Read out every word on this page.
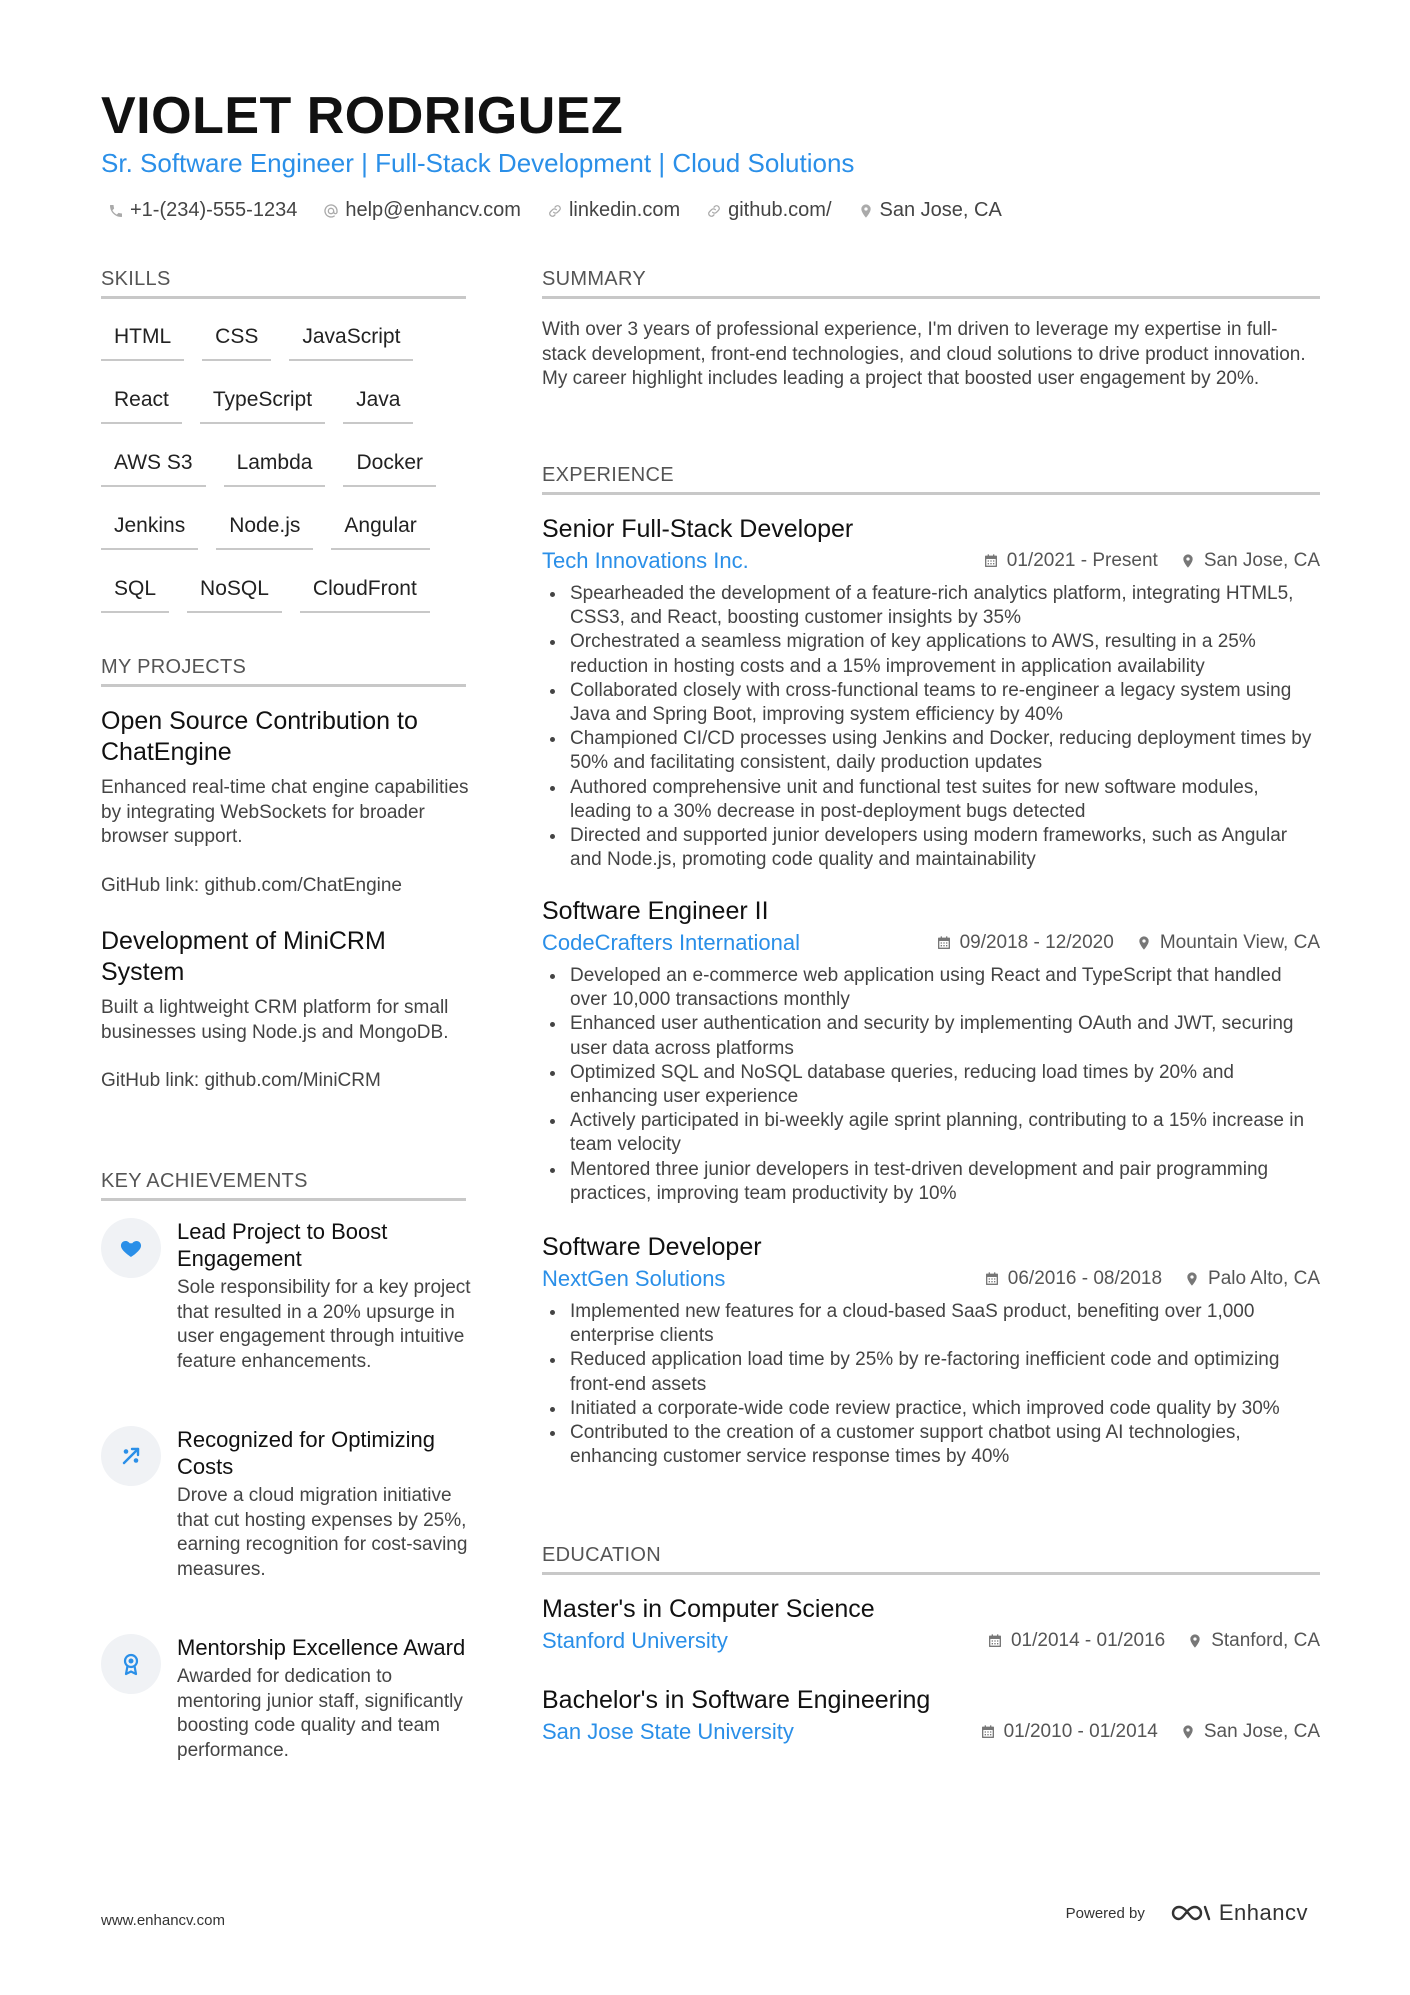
VIOLET RODRIGUEZ
Sr. Software Engineer | Full-Stack Development | Cloud Solutions
+1-(234)-555-1234 help@enhancv.com linkedin.com github.com/ San Jose, CA
SKILLS
HTML	CSS	JavaScript
React	TypeScript	Java
AWS S3	Lambda	Docker
Jenkins	Node.js	Angular
SQL	NoSQL	CloudFront
MY PROJECTS
Open Source Contribution to ChatEngine
Enhanced real-time chat engine capabilities by integrating WebSockets for broader browser support.
GitHub link: github.com/ChatEngine
Development of MiniCRM System
Built a lightweight CRM platform for small businesses using Node.js and MongoDB.
GitHub link: github.com/MiniCRM
KEY ACHIEVEMENTS
Lead Project to Boost Engagement
Sole responsibility for a key project that resulted in a 20% upsurge in user engagement through intuitive feature enhancements.
Recognized for Optimizing Costs
Drove a cloud migration initiative that cut hosting expenses by 25%, earning recognition for cost-saving measures.
Mentorship Excellence Award
Awarded for dedication to mentoring junior staff, significantly boosting code quality and team performance.
SUMMARY
With over 3 years of professional experience, I'm driven to leverage my expertise in full-stack development, front-end technologies, and cloud solutions to drive product innovation. My career highlight includes leading a project that boosted user engagement by 20%.
EXPERIENCE
Senior Full-Stack Developer
Tech Innovations Inc.	01/2021 - Present San Jose, CA
Spearheaded the development of a feature-rich analytics platform, integrating HTML5, CSS3, and React, boosting customer insights by 35%
Orchestrated a seamless migration of key applications to AWS, resulting in a 25% reduction in hosting costs and a 15% improvement in application availability
Collaborated closely with cross-functional teams to re-engineer a legacy system using Java and Spring Boot, improving system efficiency by 40%
Championed CI/CD processes using Jenkins and Docker, reducing deployment times by 50% and facilitating consistent, daily production updates
Authored comprehensive unit and functional test suites for new software modules, leading to a 30% decrease in post-deployment bugs detected
Directed and supported junior developers using modern frameworks, such as Angular and Node.js, promoting code quality and maintainability
Software Engineer II
CodeCrafters International	09/2018 - 12/2020 Mountain View, CA
Developed an e-commerce web application using React and TypeScript that handled over 10,000 transactions monthly
Enhanced user authentication and security by implementing OAuth and JWT, securing user data across platforms
Optimized SQL and NoSQL database queries, reducing load times by 20% and enhancing user experience
Actively participated in bi-weekly agile sprint planning, contributing to a 15% increase in team velocity
Mentored three junior developers in test-driven development and pair programming practices, improving team productivity by 10%
Software Developer
NextGen Solutions	06/2016 - 08/2018 Palo Alto, CA
Implemented new features for a cloud-based SaaS product, benefiting over 1,000 enterprise clients
Reduced application load time by 25% by re-factoring inefficient code and optimizing front-end assets
Initiated a corporate-wide code review practice, which improved code quality by 30%
Contributed to the creation of a customer support chatbot using AI technologies, enhancing customer service response times by 40%
EDUCATION
Master's in Computer Science
Stanford University	01/2014 - 01/2016 Stanford, CA
Bachelor's in Software Engineering
San Jose State University	01/2010 - 01/2014 San Jose, CA
www.enhancv.com	Powered by	Enhancv
